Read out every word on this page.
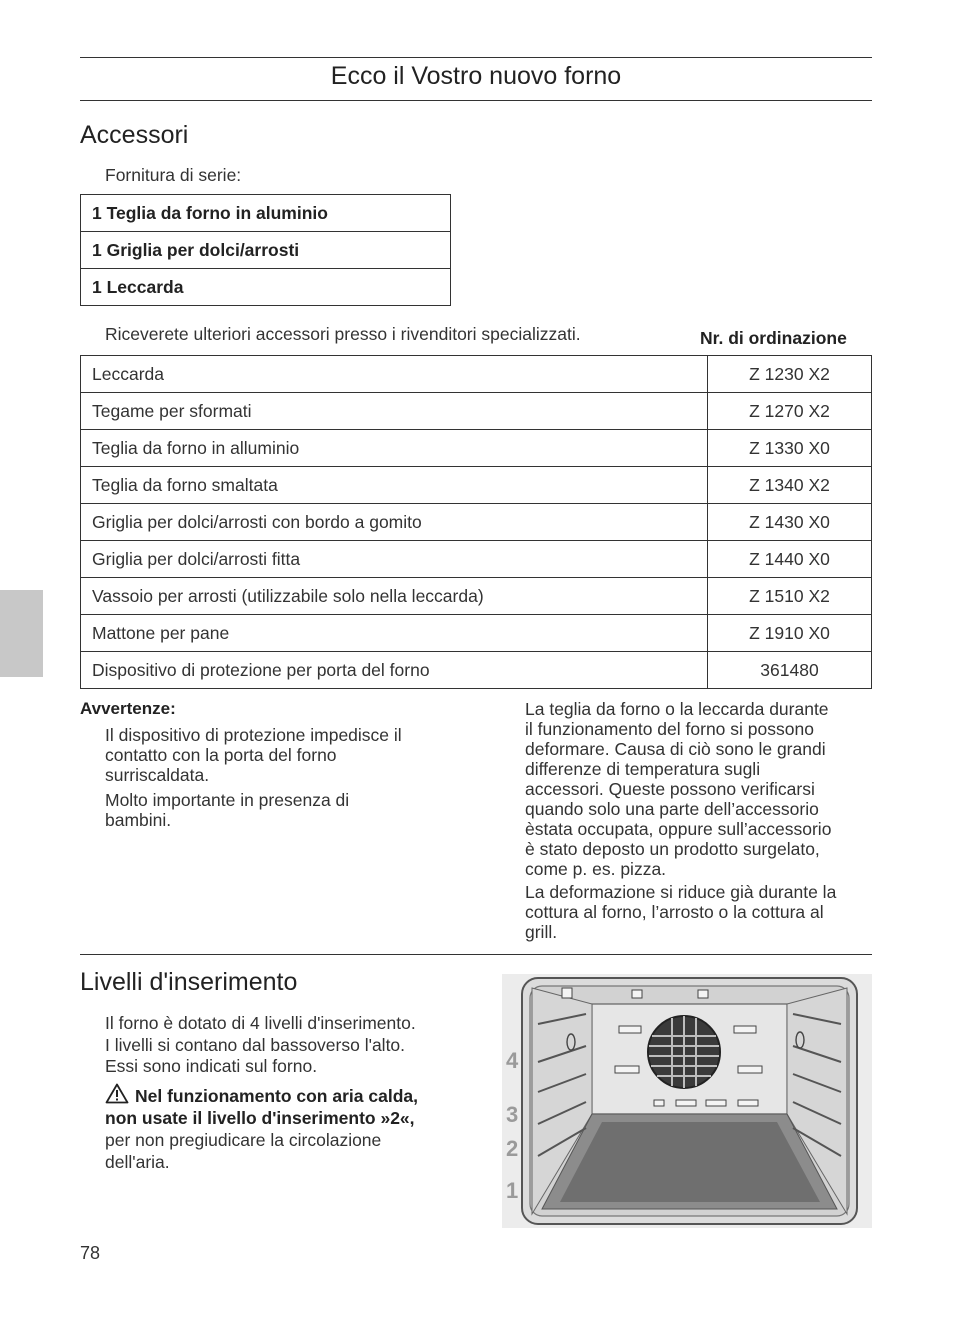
Ecco il Vostro nuovo forno
Accessori
Fornitura di serie:
1 Teglia da forno in aluminio
1 Griglia per dolci/arrosti
1 Leccarda
Riceverete ulteriori accessori presso i rivenditori specializzati.	Nr. di ordinazione
Leccarda	Z 1230 X2
Tegame per sformati	Z 1270 X2
Teglia da forno in alluminio	Z 1330 X0
Teglia da forno smaltata	Z 1340 X2
Griglia per dolci/arrosti con bordo a gomito	Z 1430 X0
Griglia per dolci/arrosti fitta	Z 1440 X0
Vassoio per arrosti (utilizzabile solo nella leccarda)	Z 1510 X2
Mattone per pane	Z 1910 X0
Dispositivo di protezione per porta del forno	361480
Avvertenze:
Il dispositivo di protezione impedisce il
contatto con la porta del forno
surriscaldata.
Molto importante in presenza di
bambini.
La teglia da forno o la leccarda durante
il funzionamento del forno si possono
deformare. Causa di ciò sono le grandi
differenze di temperatura sugli
accessori. Queste possono verificarsi
quando solo una parte dell’accessorio
èstata occupata, oppure sull’accessorio
è stato deposto un prodotto surgelato,
come p. es. pizza.
La deformazione si riduce già durante la
cottura al forno, l’arrosto o la cottura al
grill.
Livelli d'inserimento
Il forno è dotato di 4 livelli d'inserimento.
I livelli si contano dal bassoverso l'alto.
Essi sono indicati sul forno.
Nel funzionamento con aria calda,
non usate il livello d'inserimento »2«,
per non pregiudicare la circolazione
dell'aria.
4
3
2
1
78
